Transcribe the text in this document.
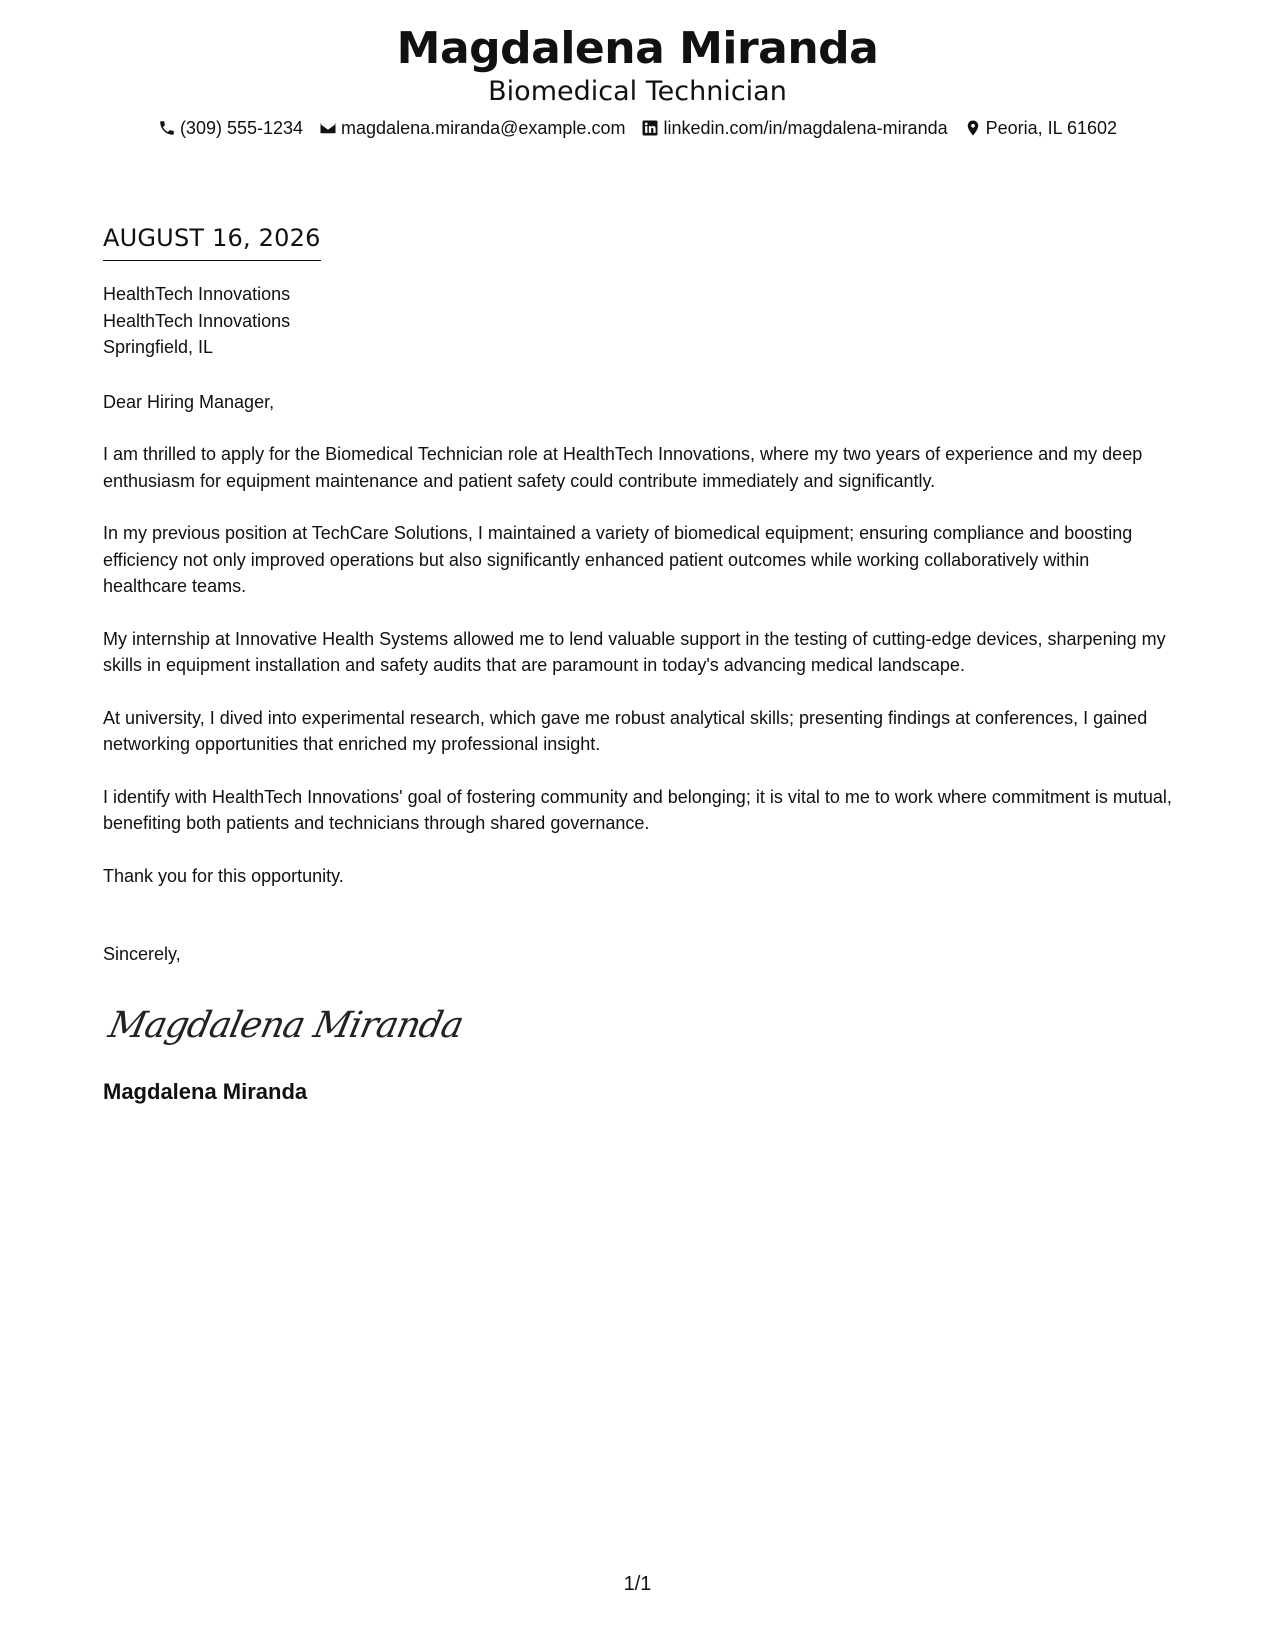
Magdalena Miranda
Biomedical Technician
(309) 555-1234 magdalena.miranda@example.com linkedin.com/in/magdalena-miranda Peoria, IL 61602
AUGUST 16, 2026
HealthTech Innovations
HealthTech Innovations
Springfield, IL
Dear Hiring Manager,

I am thrilled to apply for the Biomedical Technician role at HealthTech Innovations, where my two years of experience and my deep enthusiasm for equipment maintenance and patient safety could contribute immediately and significantly.

In my previous position at TechCare Solutions, I maintained a variety of biomedical equipment; ensuring compliance and boosting efficiency not only improved operations but also significantly enhanced patient outcomes while working collaboratively within healthcare teams.

My internship at Innovative Health Systems allowed me to lend valuable support in the testing of cutting-edge devices, sharpening my skills in equipment installation and safety audits that are paramount in today's advancing medical landscape.

At university, I dived into experimental research, which gave me robust analytical skills; presenting findings at conferences, I gained networking opportunities that enriched my professional insight.

I identify with HealthTech Innovations' goal of fostering community and belonging; it is vital to me to work where commitment is mutual, benefiting both patients and technicians through shared governance.

Thank you for this opportunity.

Sincerely,
Magdalena Miranda
Magdalena Miranda
1/1
